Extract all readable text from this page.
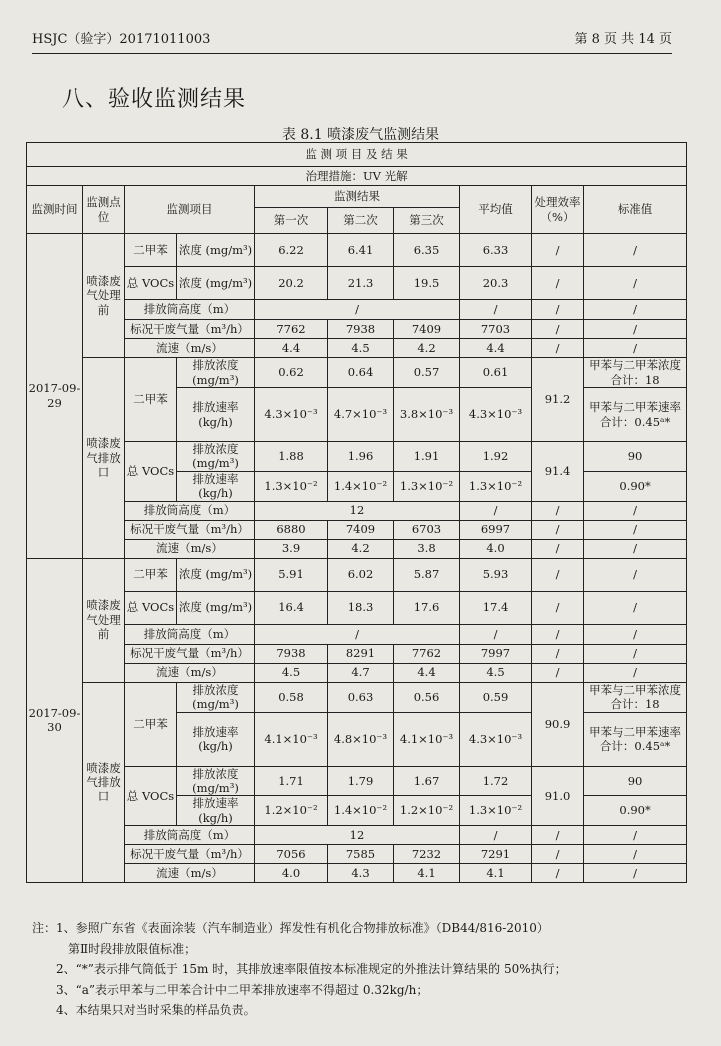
HSJC（验字）20171011003	第 8 页 共 14 页
八、验收监测结果
表 8.1 喷漆废气监测结果
监 测 项 目 及 结 果									
治理措施：UV 光解									
监测时间	监测点位	监测项目		监测结果			平均值	处理效率（%）	标准值
				第一次	第二次	第三次			
2017-09-29	喷漆废气处理前	二甲苯	浓度 (mg/m³)	6.22	6.41	6.35	6.33	/	/
		总 VOCs	浓度 (mg/m³)	20.2	21.3	19.5	20.3	/	/
		排放筒高度（m）		/			/	/	/
		标况干废气量（m³/h）		7762	7938	7409	7703	/	/
		流速（m/s）		4.4	4.5	4.2	4.4	/	/
	喷漆废气排放口	二甲苯	排放浓度 (mg/m³)	0.62	0.64	0.57	0.61	91.2	甲苯与二甲苯浓度合计：18
			排放速率 (kg/h)	4.3×10⁻³	4.7×10⁻³	3.8×10⁻³	4.3×10⁻³		甲苯与二甲苯速率合计：0.45ᵃ*
		总 VOCs	排放浓度 (mg/m³)	1.88	1.96	1.91	1.92	91.4	90
			排放速率 (kg/h)	1.3×10⁻²	1.4×10⁻²	1.3×10⁻²	1.3×10⁻²		0.90*
		排放筒高度（m）		12			/	/	/
		标况干废气量（m³/h）		6880	7409	6703	6997	/	/
		流速（m/s）		3.9	4.2	3.8	4.0	/	/
2017-09-30	喷漆废气处理前	二甲苯	浓度 (mg/m³)	5.91	6.02	5.87	5.93	/	/
		总 VOCs	浓度 (mg/m³)	16.4	18.3	17.6	17.4	/	/
		排放筒高度（m）		/			/	/	/
		标况干废气量（m³/h）		7938	8291	7762	7997	/	/
		流速（m/s）		4.5	4.7	4.4	4.5	/	/
	喷漆废气排放口	二甲苯	排放浓度 (mg/m³)	0.58	0.63	0.56	0.59	90.9	甲苯与二甲苯浓度合计：18
			排放速率 (kg/h)	4.1×10⁻³	4.8×10⁻³	4.1×10⁻³	4.3×10⁻³		甲苯与二甲苯速率合计：0.45ᵃ*
		总 VOCs	排放浓度 (mg/m³)	1.71	1.79	1.67	1.72	91.0	90
			排放速率 (kg/h)	1.2×10⁻²	1.4×10⁻²	1.2×10⁻²	1.3×10⁻²		0.90*
		排放筒高度（m）		12			/	/	/
		标况干废气量（m³/h）		7056	7585	7232	7291	/	/
		流速（m/s）		4.0	4.3	4.1	4.1	/	/
注：1、参照广东省《表面涂装（汽车制造业）挥发性有机化合物排放标准》（DB44/816-2010）
第Ⅱ时段排放限值标准；
2、“*”表示排气筒低于 15m 时，其排放速率限值按本标准规定的外推法计算结果的 50%执行；
3、“a”表示甲苯与二甲苯合计中二甲苯排放速率不得超过 0.32kg/h；
4、本结果只对当时采集的样品负责。
